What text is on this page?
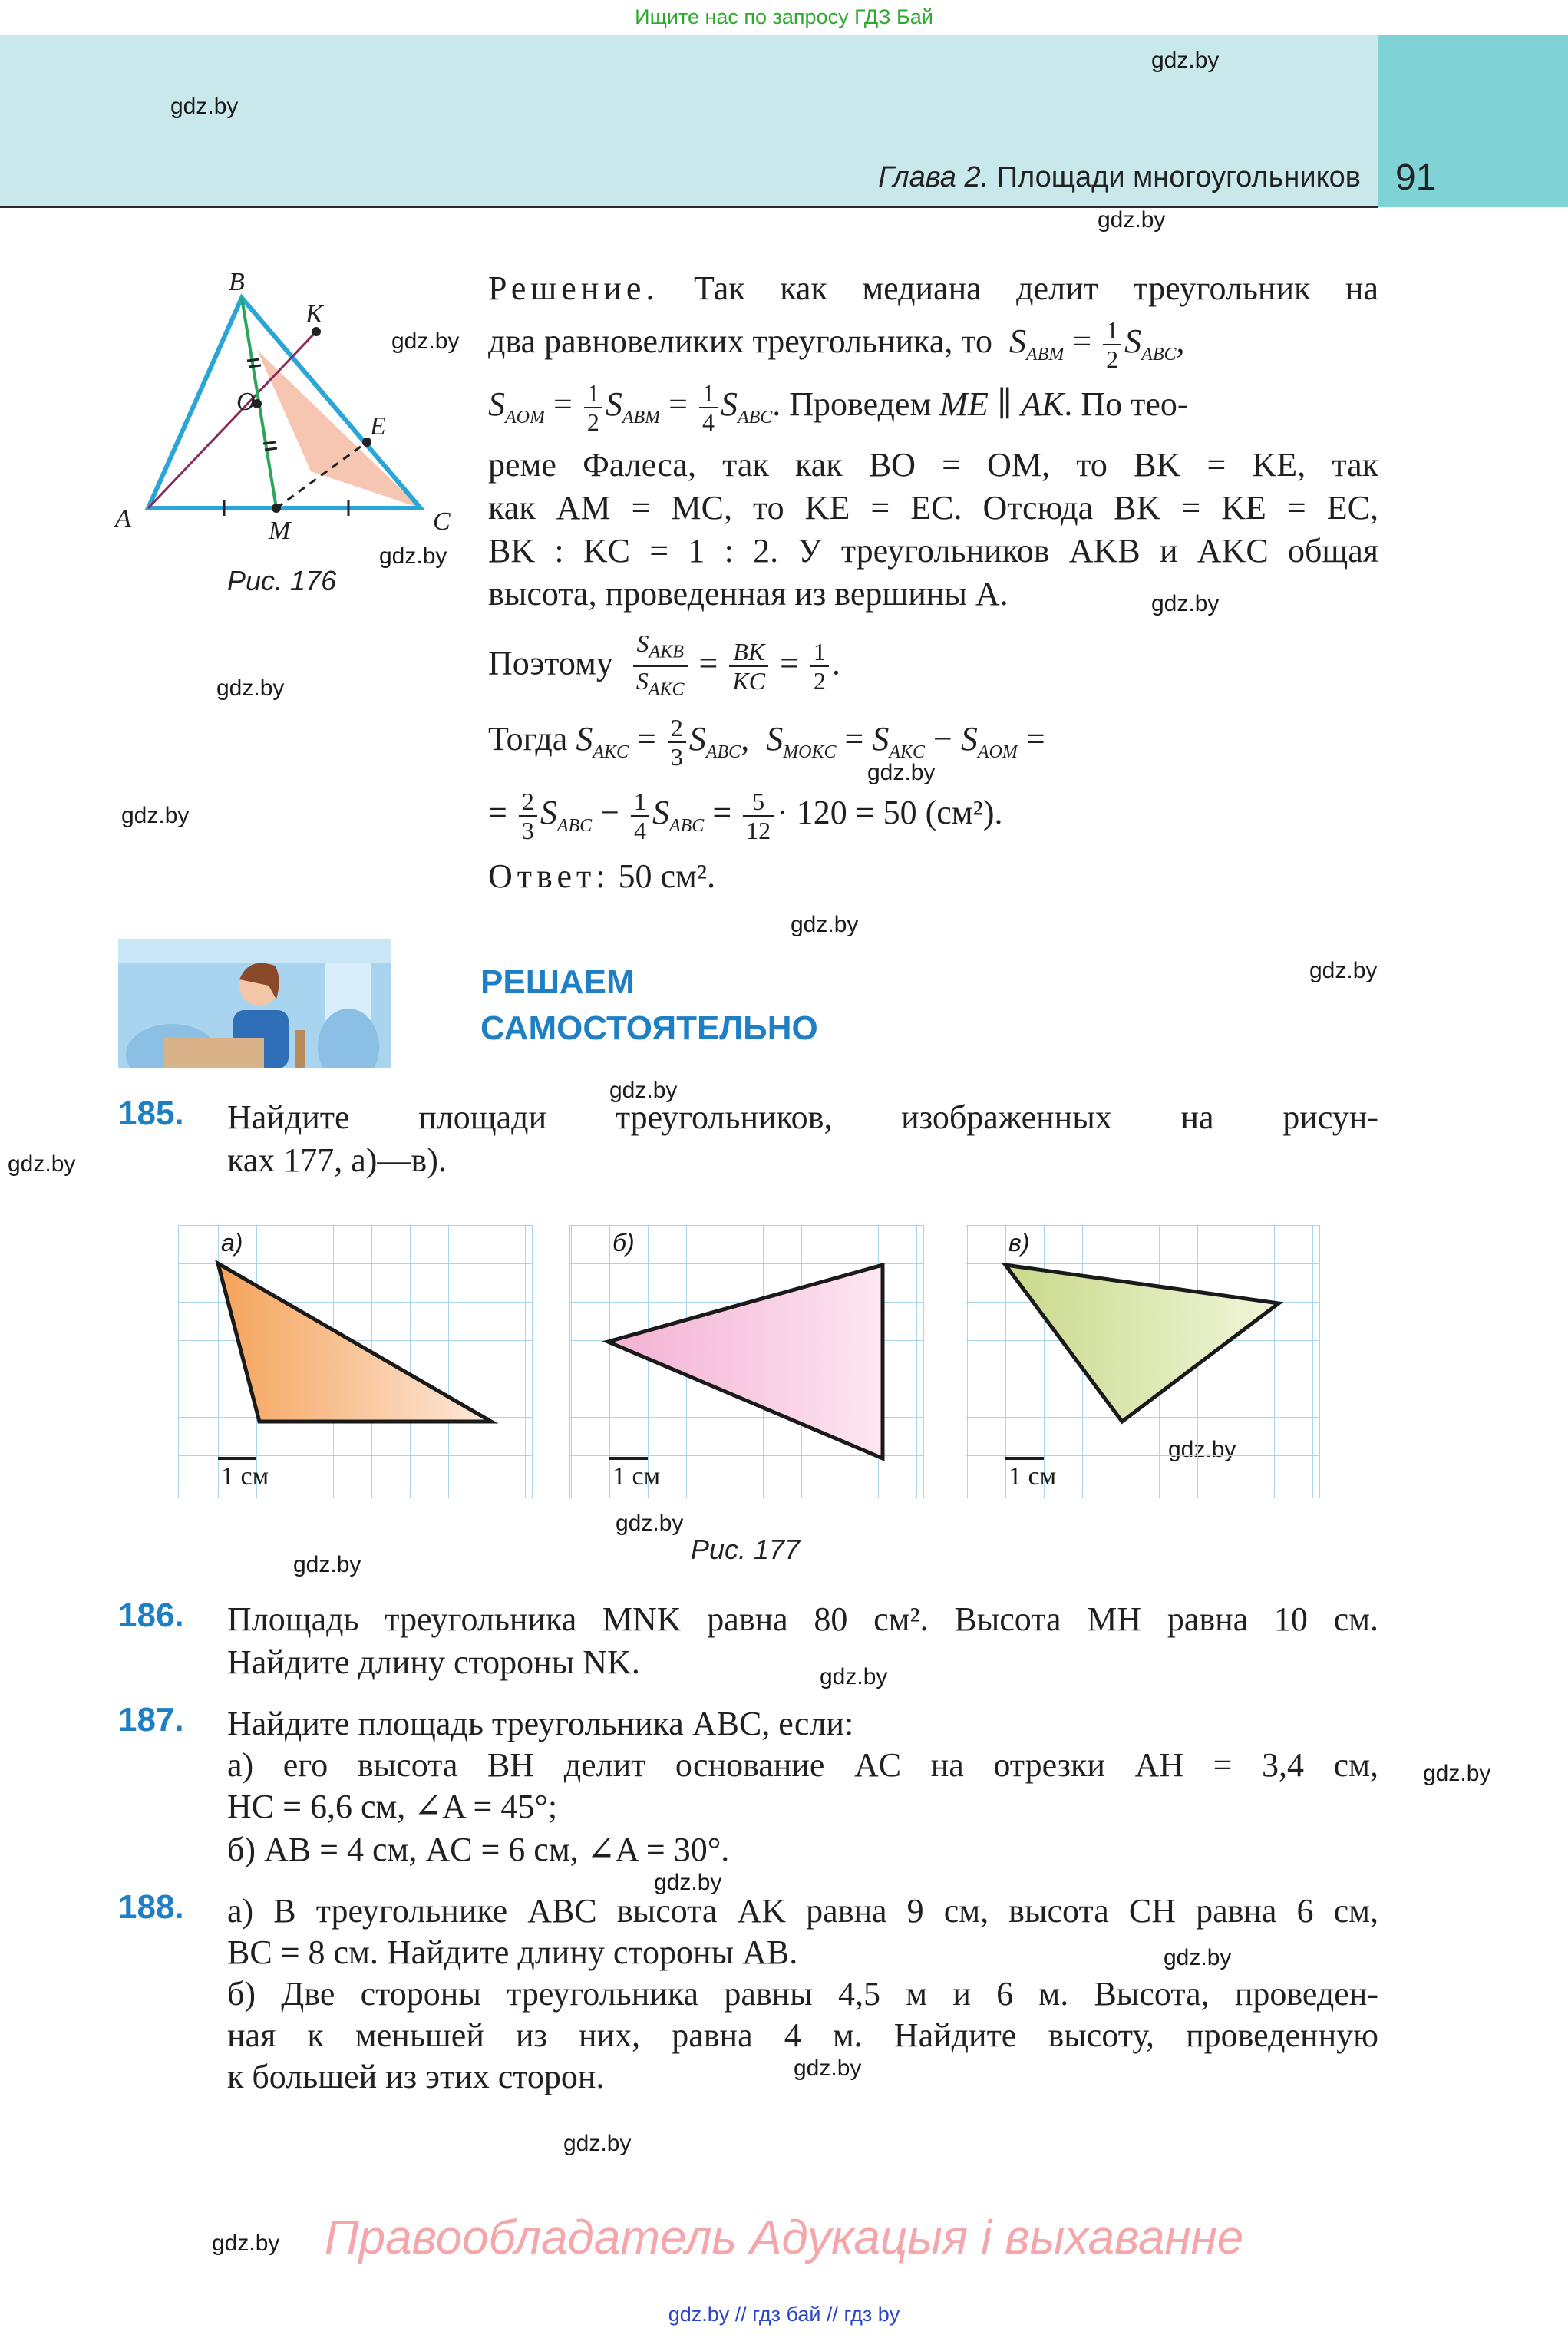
Ищите нас по запросу ГДЗ Бай
Глава 2. Площади многоугольников 91
gdz.by
gdz.by
gdz.by
gdz.by
gdz.by
gdz.by
gdz.by
gdz.by
gdz.by
gdz.by
gdz.by
gdz.by
gdz.by
gdz.by
gdz.by
gdz.by
gdz.by
gdz.by
gdz.by
gdz.by
gdz.by
gdz.by
B
A	C
K
O
E
M
Рис. 176
Решение. Так как медиана делит треугольник на
два равновеликих треугольника, то $S_{ABM} = \frac{1}{2} S_{ABC}$,
$S_{AOM} = \frac{1}{2} S_{ABM} = \frac{1}{4} S_{ABC}$. Проведем ME ∥ AK. По тео-
реме Фалеса, так как BO = OM, то BK = KE, так
как AM = MC, то KE = EC. Отсюда BK = KE = EC,
BK : KC = 1 : 2. У треугольников AKB и AKC общая
высота, проведенная из вершины A.
Поэтому $\frac{S_{AKB}}{S_{AKC}} = \frac{BK}{KC} = \frac{1}{2}$ .
Тогда $S_{AKC} = \frac{2}{3} S_{ABC}$,  $S_{MOKC} = S_{AKC} - S_{AOM}$ =
= $\frac{2}{3} S_{ABC} - \frac{1}{4} S_{ABC} = \frac{5}{12} \cdot 120 = 50$ (см²).
Ответ: 50 см².
РЕШАЕМ
САМОСТОЯТЕЛЬНО
185. Найдите площади треугольников, изображенных на рисун-
ках 177, а)—в).
1 см
а)
1 см
б)
1 см
в)
Рис. 177
186. Площадь треугольника MNK равна 80 см². Высота MH равна 10 см.
Найдите длину стороны NK.
187. Найдите площадь треугольника ABC, если:
а) его высота BH делит основание AC на отрезки AH = 3,4 см,
HC = 6,6 см, ∠A = 45°;
б) AB = 4 см, AC = 6 см, ∠A = 30°.
188. а) В треугольнике ABC высота AK равна 9 см, высота CH равна 6 см,
BC = 8 см. Найдите длину стороны AB.
б) Две стороны треугольника равны 4,5 м и 6 м. Высота, проведен-
ная к меньшей из них, равна 4 м. Найдите высоту, проведенную
к большей из этих сторон.
Правообладатель Адукацыя і выхаванне
gdz.by // гдз бай // гдз by
